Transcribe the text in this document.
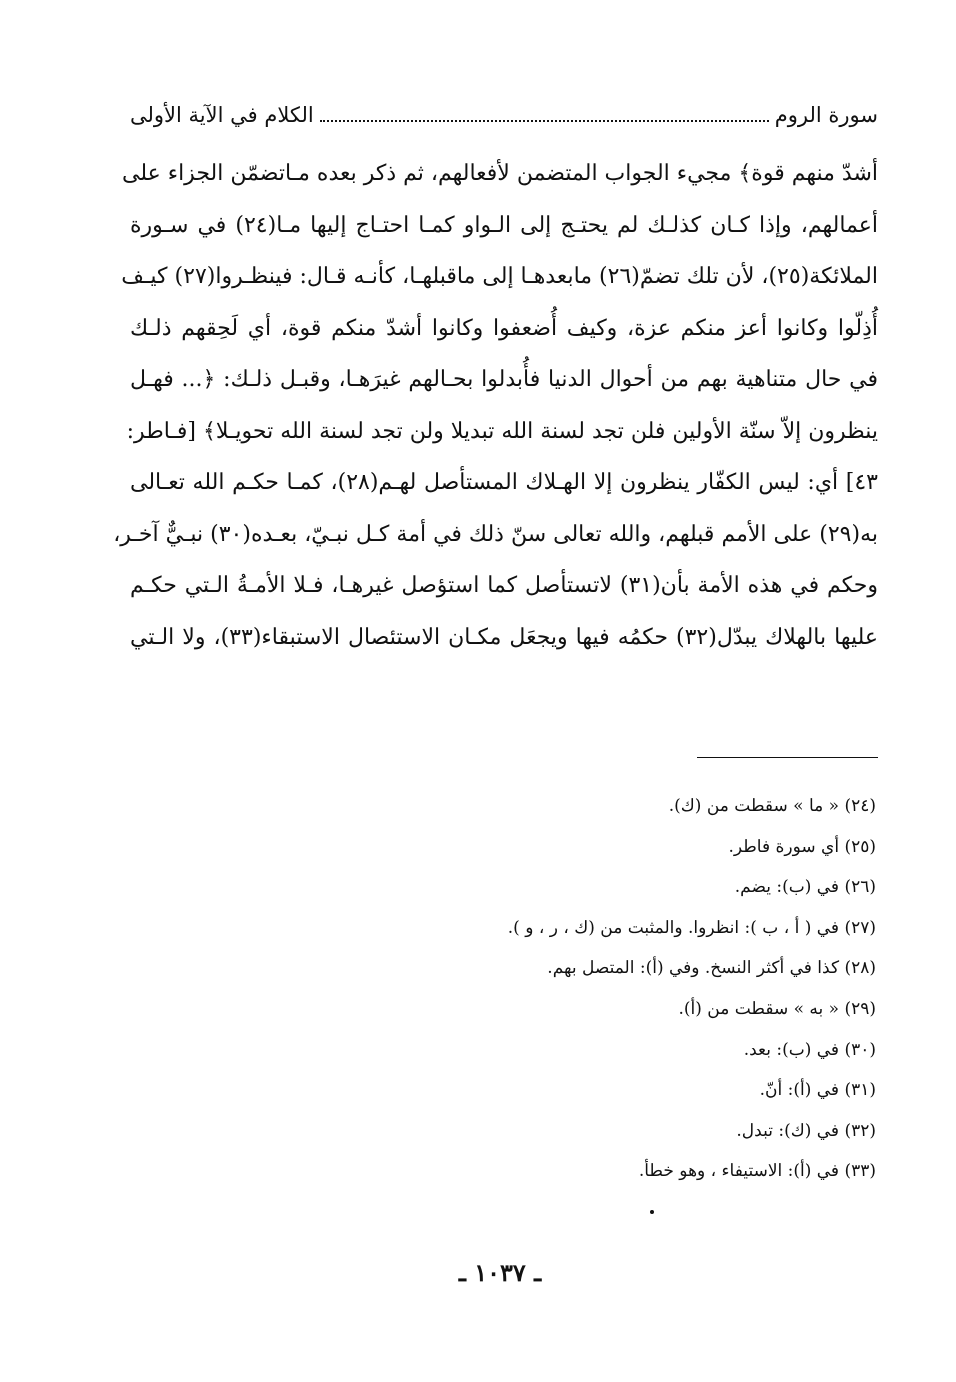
سورة الروم
الكلام في الآية الأولى
أشدّ منهم قوة﴾ مجيء الجواب المتضمن لأفعالهم، ثم ذكر بعده مـاتضمّن الجزاء على
أعمالهم، وإذا كـان كذلـك لم يحتـج إلى الـواو كمـا احتـاج إليها مـا(٢٤) في سـورة
الملائكة(٢٥)، لأن تلك تضمّ(٢٦) مابعدهـا إلى ماقبلهـا، كأنـه قـال: فينظـروا(٢٧) كيـف
أُذِلّوا وكانوا أعز منكم عزة، وكيف أُضعفوا وكانوا أشدّ منكم قوة، أي لَحِقهم ذلـك
في حال متناهية بهم من أحوال الدنيا فأُبدلوا بحـالهم غيرَهـا، وقبـل ذلـك: ﴿... فهـل
ينظرون إلاّ سنّة الأولين فلن تجد لسنة الله تبديلا ولن تجد لسنة الله تحويـلا﴾ [فـاطر:
٤٣] أي: ليس الكفّار ينظرون إلا الهـلاك المستأصل لهـم(٢٨)، كمـا حكـم الله تعـالى
به(٢٩) على الأمم قبلهم، والله تعالى سنّ ذلك في أمة كـل نبـيّ، بعـده(٣٠) نبـيٌّ آخـر،
وحكم في هذه الأمة بأن(٣١) لاتستأصل كما استؤصل غيرهـا، فـلا الأمـةُ الـتي حكـم
عليها بالهلاك يبدّل(٣٢) حكمُه فيها ويجعَل مكـان الاستئصال الاستبقاء(٣٣)، ولا الـتي
(٢٤) « ما » سقطت من (ك).
(٢٥) أي سورة فاطر.
(٢٦) في (ب): يضم.
(٢٧) في ( أ ، ب ): انظروا. والمثبت من (ك ، ر ، و ).
(٢٨) كذا في أكثر النسخ. وفي (أ): المتصل بهم.
(٢٩) « به » سقطت من (أ).
(٣٠) في (ب): بعد.
(٣١) في (أ): أنّ.
(٣٢) في (ك): تبدل.
(٣٣) في (أ): الاستيفاء ، وهو خطأ.
ـ ١٠٣٧ ـ
